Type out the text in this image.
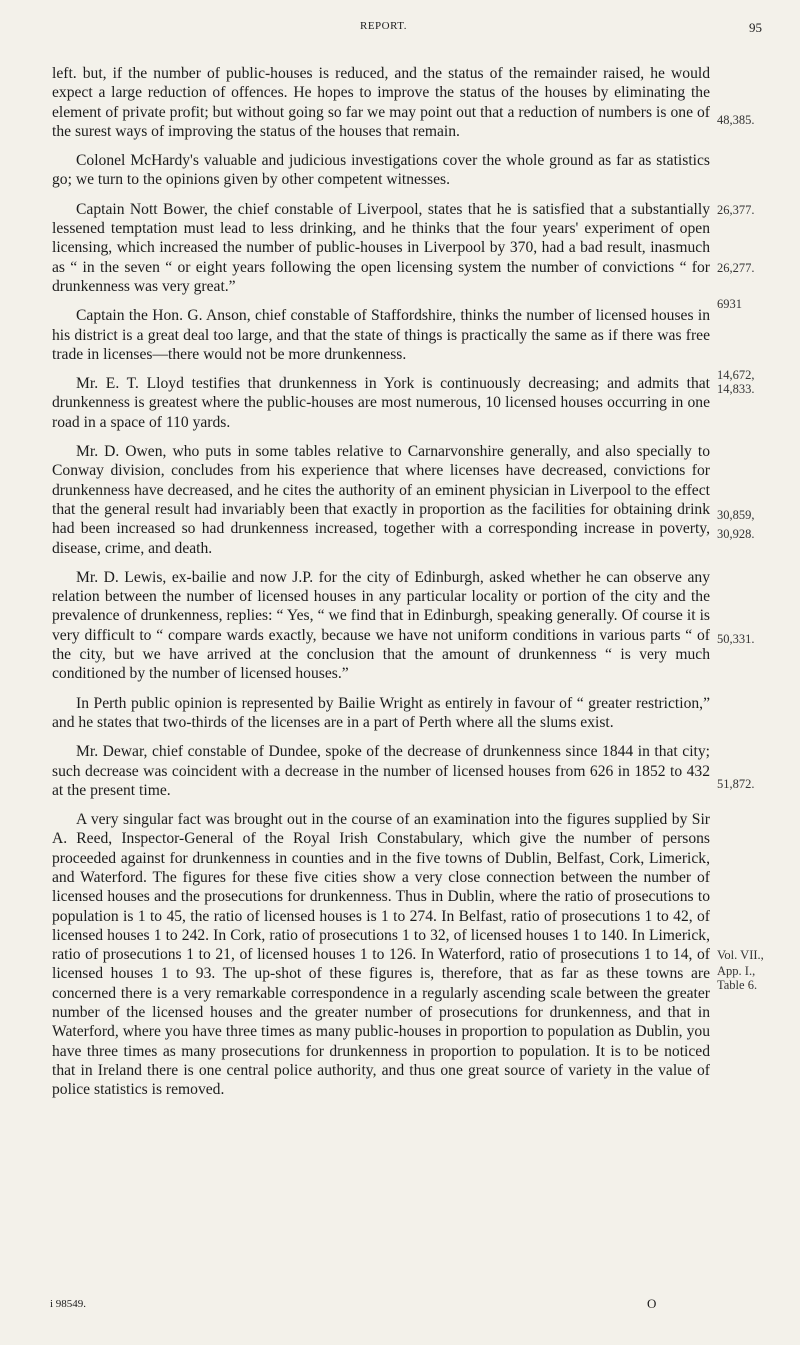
REPORT.	95

left. but, if the number of public-houses is reduced, and the status of the remainder raised, he would expect a large reduction of offences. He hopes to improve the status of the houses by eliminating the element of private profit; but without going so far we may point out that a reduction of numbers is one of the surest ways of improving the status of the houses that remain.

Colonel McHardy's valuable and judicious investigations cover the whole ground as far as statistics go; we turn to the opinions given by other competent witnesses.

Captain Nott Bower, the chief constable of Liverpool, states that he is satisfied that a substantially lessened temptation must lead to less drinking, and he thinks that the four years' experiment of open licensing, which increased the number of public-houses in Liverpool by 370, had a bad result, inasmuch as “ in the seven “ or eight years following the open licensing system the number of convictions “ for drunkenness was very great.”

Captain the Hon. G. Anson, chief constable of Staffordshire, thinks the number of licensed houses in his district is a great deal too large, and that the state of things is practically the same as if there was free trade in licenses—there would not be more drunkenness.

Mr. E. T. Lloyd testifies that drunkenness in York is continuously decreasing; and admits that drunkenness is greatest where the public-houses are most numerous, 10 licensed houses occurring in one road in a space of 110 yards.

Mr. D. Owen, who puts in some tables relative to Carnarvonshire generally, and also specially to Conway division, concludes from his experience that where licenses have decreased, convictions for drunkenness have decreased, and he cites the authority of an eminent physician in Liverpool to the effect that the general result had invariably been that exactly in proportion as the facilities for obtaining drink had been increased so had drunkenness increased, together with a corresponding increase in poverty, disease, crime, and death.

Mr. D. Lewis, ex-bailie and now J.P. for the city of Edinburgh, asked whether he can observe any relation between the number of licensed houses in any particular locality or portion of the city and the prevalence of drunkenness, replies: “ Yes, “ we find that in Edinburgh, speaking generally. Of course it is very difficult to “ compare wards exactly, because we have not uniform conditions in various parts “ of the city, but we have arrived at the conclusion that the amount of drunkenness “ is very much conditioned by the number of licensed houses.”

In Perth public opinion is represented by Bailie Wright as entirely in favour of “ greater restriction,” and he states that two-thirds of the licenses are in a part of Perth where all the slums exist.

Mr. Dewar, chief constable of Dundee, spoke of the decrease of drunkenness since 1844 in that city; such decrease was coincident with a decrease in the number of licensed houses from 626 in 1852 to 432 at the present time.

A very singular fact was brought out in the course of an examination into the figures supplied by Sir A. Reed, Inspector-General of the Royal Irish Constabulary, which give the number of persons proceeded against for drunkenness in counties and in the five towns of Dublin, Belfast, Cork, Limerick, and Waterford. The figures for these five cities show a very close connection between the number of licensed houses and the prosecutions for drunkenness. Thus in Dublin, where the ratio of prosecutions to population is 1 to 45, the ratio of licensed houses is 1 to 274. In Belfast, ratio of prosecutions 1 to 42, of licensed houses 1 to 242. In Cork, ratio of prosecutions 1 to 32, of licensed houses 1 to 140. In Limerick, ratio of prosecutions 1 to 21, of licensed houses 1 to 126. In Waterford, ratio of prosecutions 1 to 14, of licensed houses 1 to 93. The up-shot of these figures is, therefore, that as far as these towns are concerned there is a very remarkable correspondence in a regularly ascending scale between the greater number of the licensed houses and the greater number of prosecutions for drunkenness, and that in Waterford, where you have three times as many public-houses in proportion to population as Dublin, you have three times as many prosecutions for drunkenness in proportion to population. It is to be noticed that in Ireland there is one central police authority, and thus one great source of variety in the value of police statistics is removed.

48,385.
26,377.
26,277.
6931
14,672,
14,833.
30,859,
30,928.
50,331.
51,872.
Vol. VII.,
App. I.,
Table 6.
i 98549.	O
